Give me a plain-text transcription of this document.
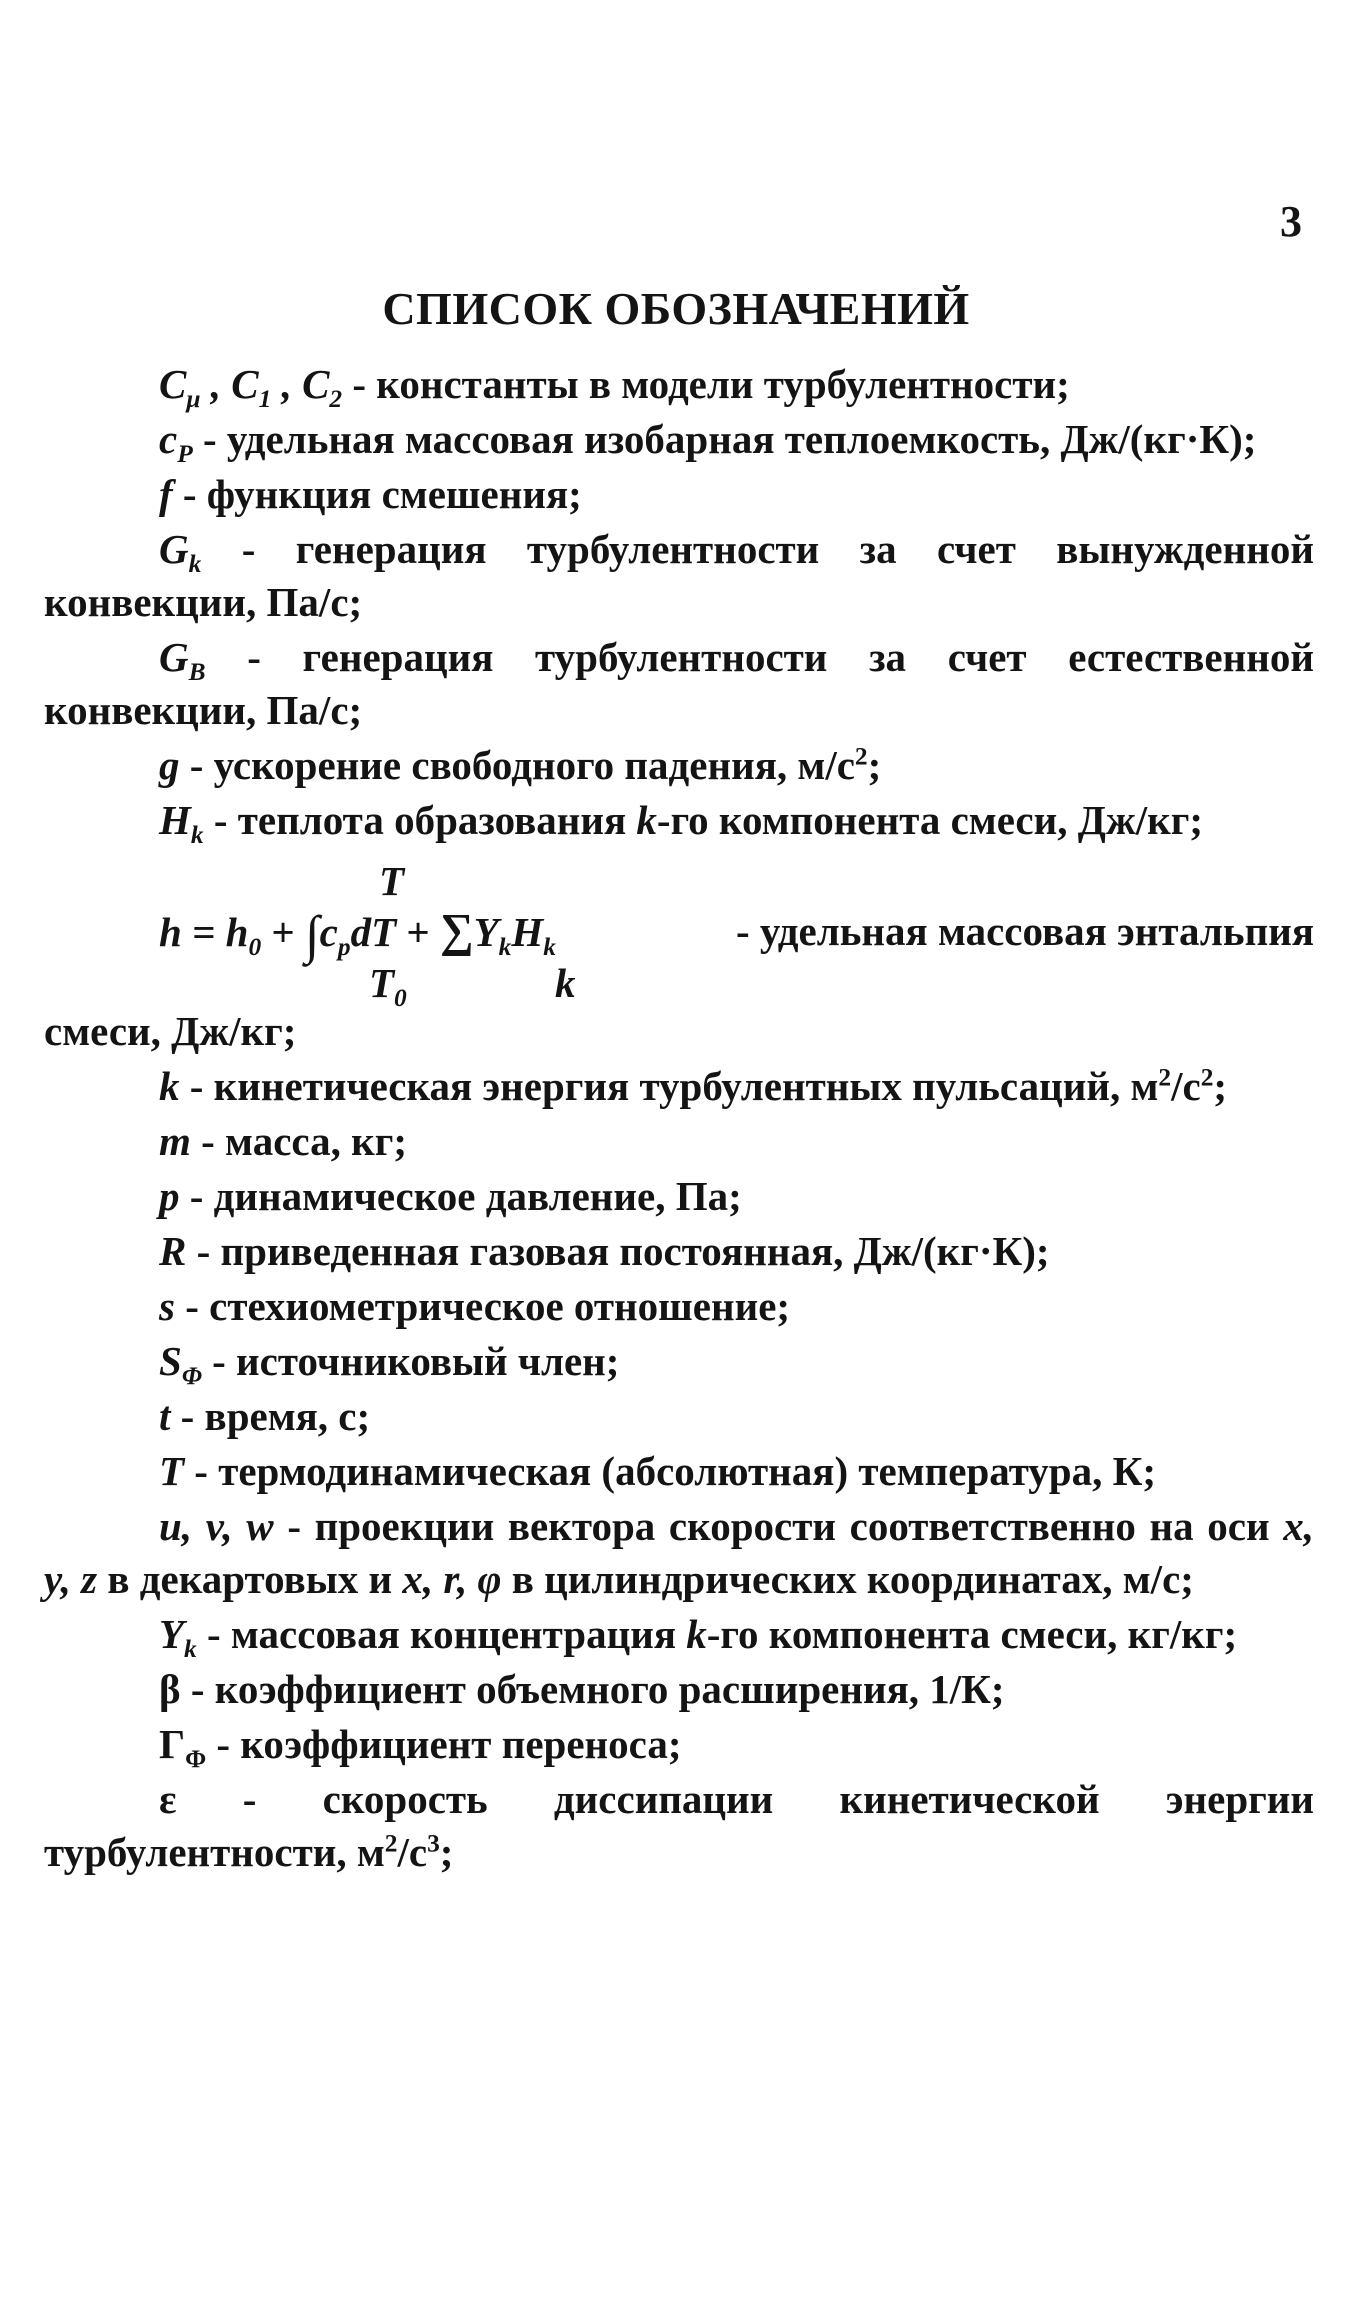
3
СПИСОК ОБОЗНАЧЕНИЙ

$C_\mu$ , $C_1$ , $C_2$ - константы в модели турбулентности;

$c_P$ - удельная массовая изобарная теплоемкость, Дж/(кг·К);

f - функция смешения;

$G_k$ - генерация турбулентности за счет вынужденной конвекции, Па/с;

$G_B$ - генерация турбулентности за счет естественной конвекции, Па/с;

g - ускорение свободного падения, $м/с^2$;

$H_k$ - теплота образования k-го компонента смеси, Дж/кг;

T
$h = h_0 + \int c_pdT + \sum Y_kH_k$	- удельная массовая энтальпия
$T_0$	k

смеси, Дж/кг;

k - кинетическая энергия турбулентных пульсаций, $м^2/с^2$;

m - масса, кг;

p - динамическое давление, Па;

R - приведенная газовая постоянная, Дж/(кг·К);

s - стехиометрическое отношение;

$S_\Phi$ - источниковый член;

t - время, с;

T - термодинамическая (абсолютная) температура, К;

u, v, w - проекции вектора скорости соответственно на оси x, y, z в декартовых и x, r, φ в цилиндрических координатах, м/с;

$Y_k$ - массовая концентрация k-го компонента смеси, кг/кг;

β - коэффициент объемного расширения, 1/К;

$\Gamma_\Phi$ - коэффициент переноса;

ε - скорость диссипации кинетической энергии турбулентности, $м^2/с^3$;
